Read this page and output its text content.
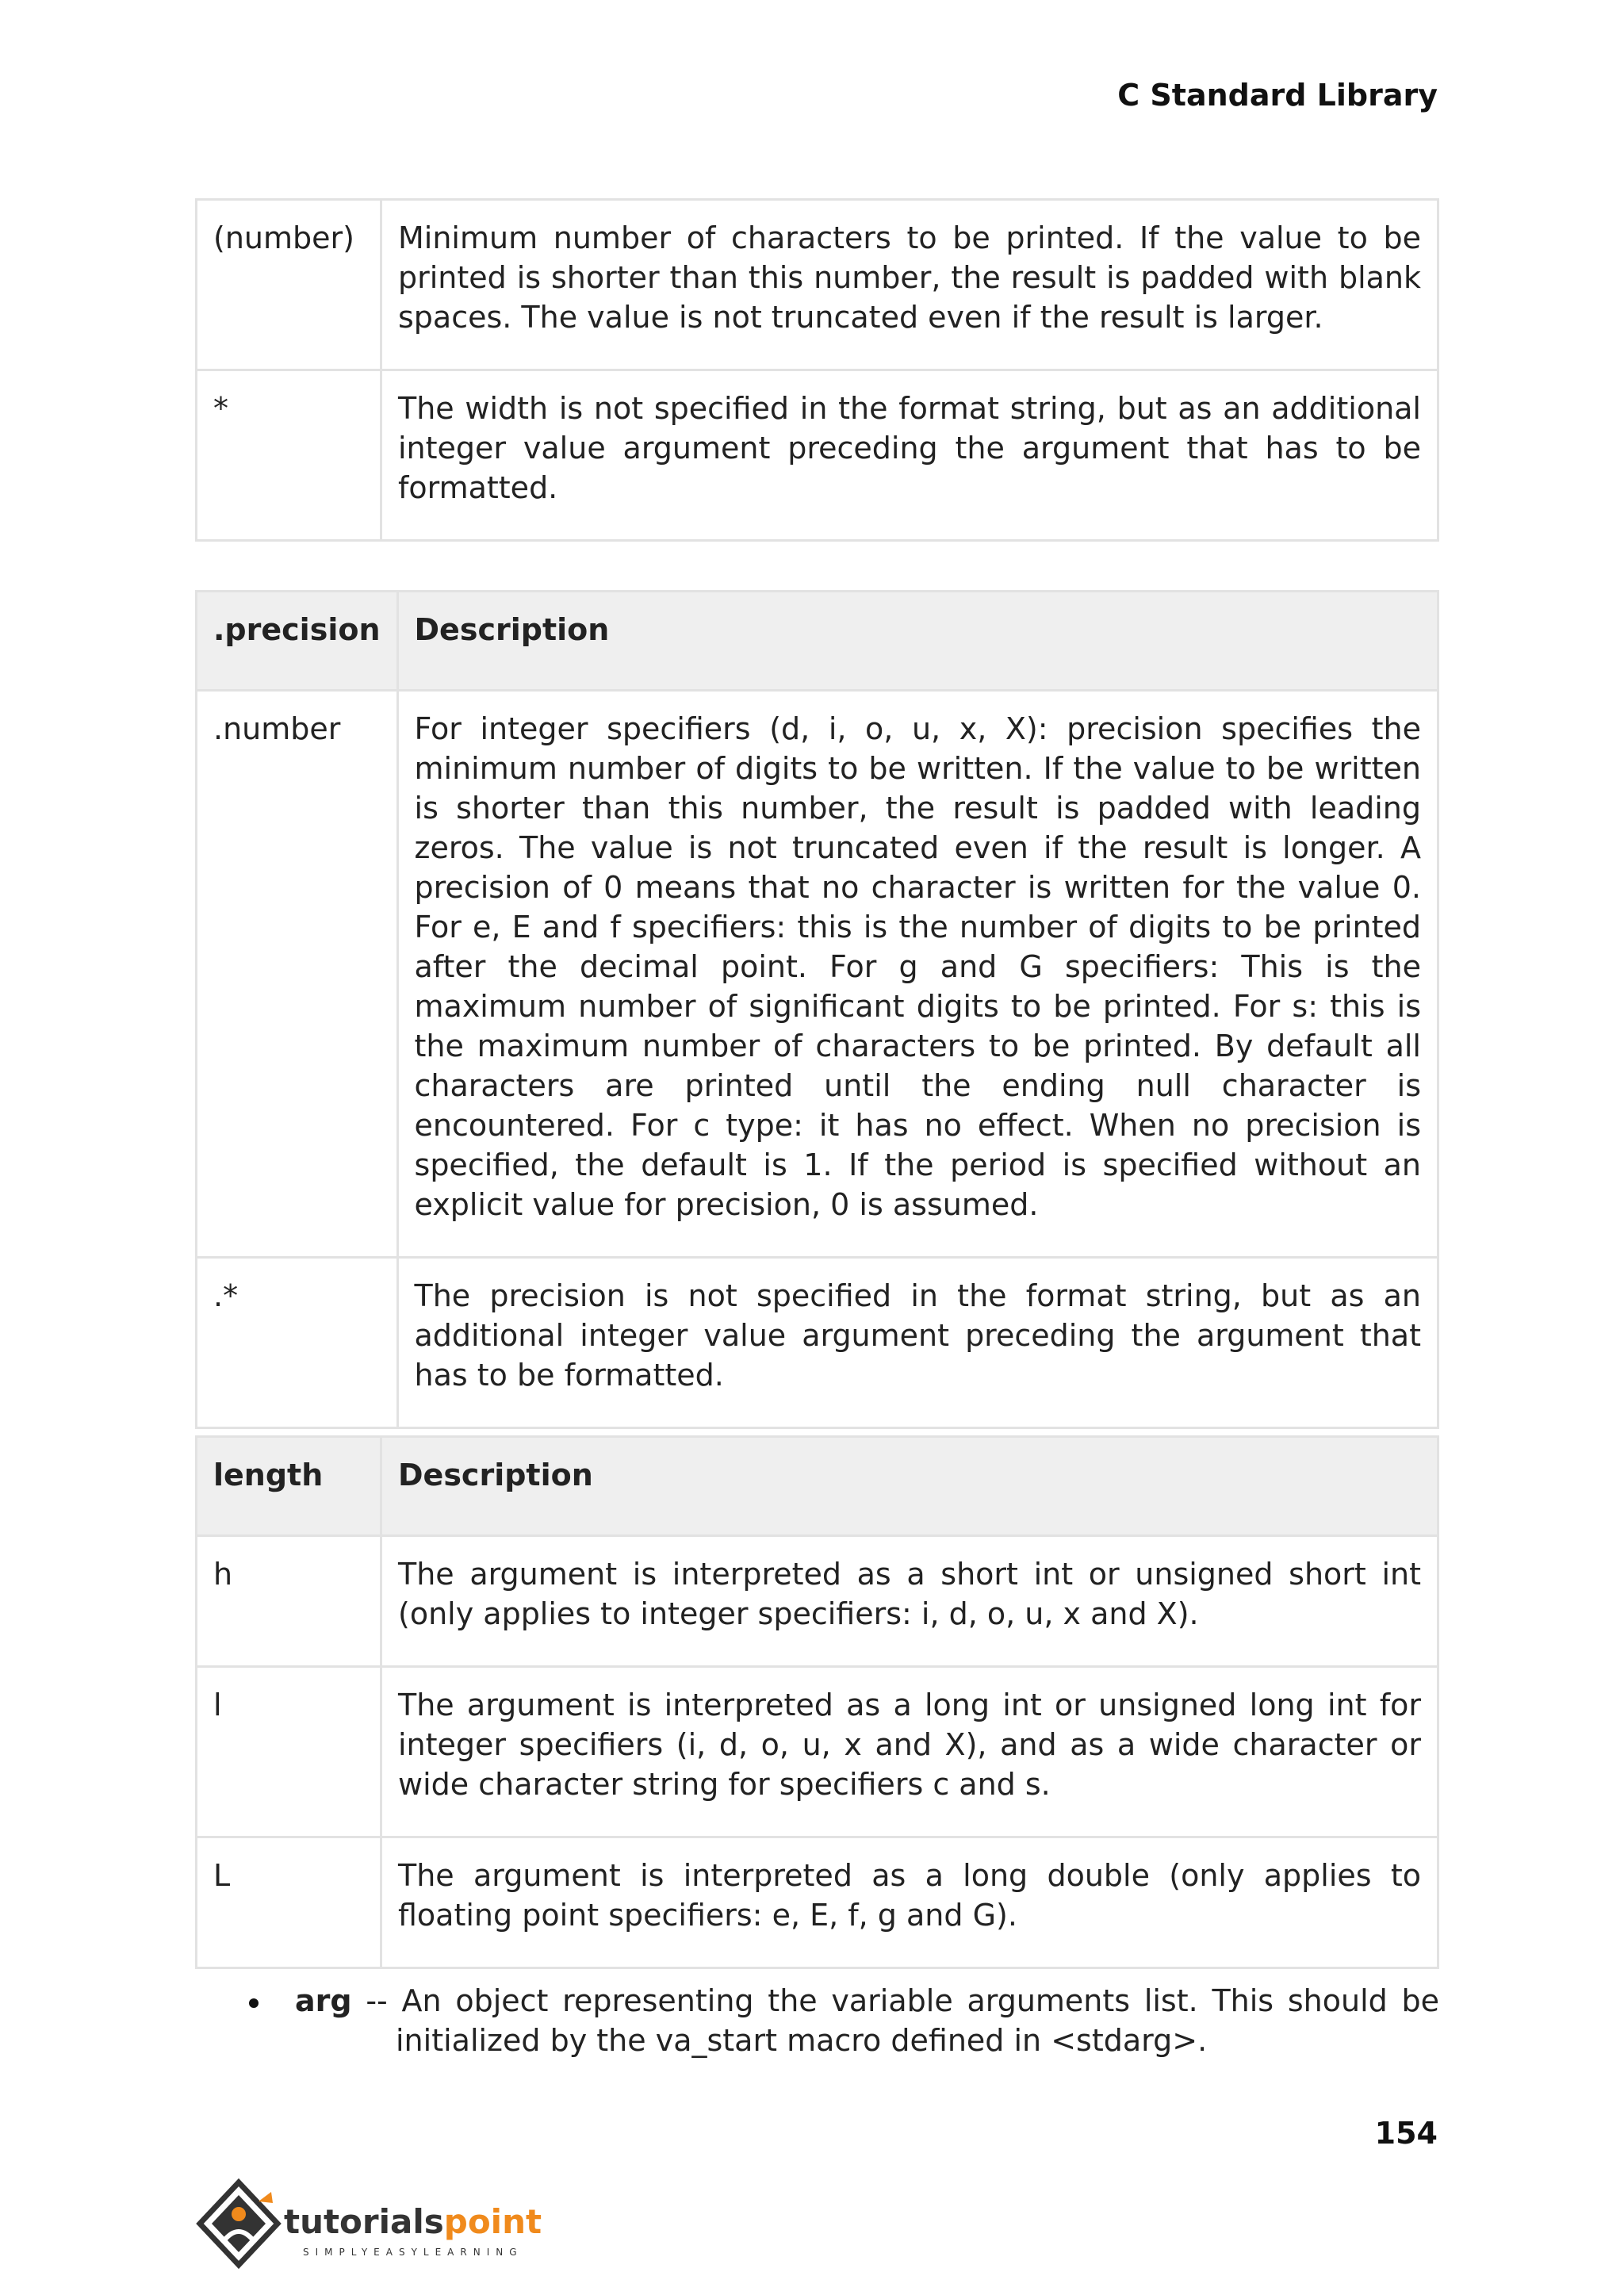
C Standard Library
(number)	Minimum number of characters to be printed. If the value to be printed is shorter than this number, the result is padded with blank spaces. The value is not truncated even if the result is larger.
*	The width is not specified in the format string, but as an additional integer value argument preceding the argument that has to be formatted.
.precision	Description
.number	For integer specifiers (d, i, o, u, x, X): precision specifies the minimum number of digits to be written. If the value to be written is shorter than this number, the result is padded with leading zeros. The value is not truncated even if the result is longer. A precision of 0 means that no character is written for the value 0. For e, E and f specifiers: this is the number of digits to be printed after the decimal point. For g and G specifiers: This is the maximum number of significant digits to be printed. For s: this is the maximum number of characters to be printed. By default all characters are printed until the ending null character is encountered. For c type: it has no effect. When no precision is specified, the default is 1. If the period is specified without an explicit value for precision, 0 is assumed.
.*	The precision is not specified in the format string, but as an additional integer value argument preceding the argument that has to be formatted.
length	Description
h	The argument is interpreted as a short int or unsigned short int (only applies to integer specifiers: i, d, o, u, x and X).
l	The argument is interpreted as a long int or unsigned long int for integer specifiers (i, d, o, u, x and X), and as a wide character or wide character string for specifiers c and s.
L	The argument is interpreted as a long double (only applies to floating point specifiers: e, E, f, g and G).
arg -- An object representing the variable arguments list. This should be initialized by the va_start macro defined in <stdarg>.
154
tutorialspoint
SIMPLYEASYLEARNING
